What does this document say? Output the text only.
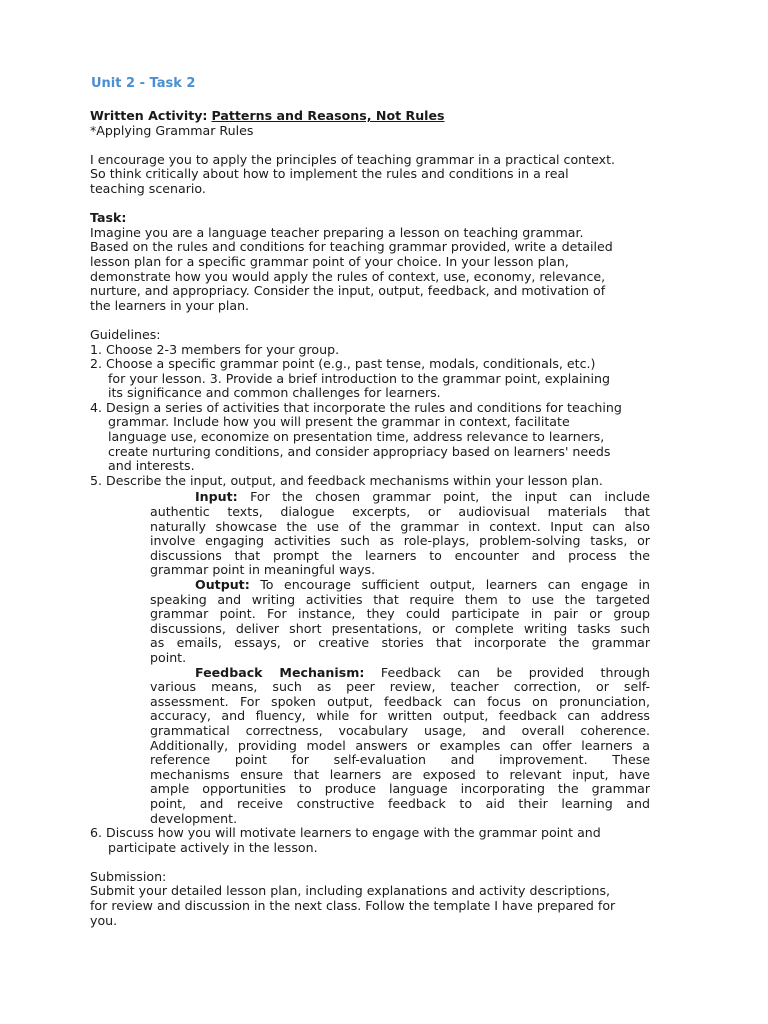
Unit 2 - Task 2
Written Activity: Patterns and Reasons, Not Rules
*Applying Grammar Rules
I encourage you to apply the principles of teaching grammar in a practical context.
So think critically about how to implement the rules and conditions in a real
teaching scenario.
Task:
Imagine you are a language teacher preparing a lesson on teaching grammar.
Based on the rules and conditions for teaching grammar provided, write a detailed
lesson plan for a specific grammar point of your choice. In your lesson plan,
demonstrate how you would apply the rules of context, use, economy, relevance,
nurture, and appropriacy. Consider the input, output, feedback, and motivation of
the learners in your plan.
Guidelines:
1. Choose 2-3 members for your group.
2. Choose a specific grammar point (e.g., past tense, modals, conditionals, etc.)
for your lesson. 3. Provide a brief introduction to the grammar point, explaining
its significance and common challenges for learners.
4. Design a series of activities that incorporate the rules and conditions for teaching
grammar. Include how you will present the grammar in context, facilitate
language use, economize on presentation time, address relevance to learners,
create nurturing conditions, and consider appropriacy based on learners' needs
and interests.
5. Describe the input, output, and feedback mechanisms within your lesson plan.
Input: For the chosen grammar point, the input can include
authentic texts, dialogue excerpts, or audiovisual materials that
naturally showcase the use of the grammar in context. Input can also
involve engaging activities such as role-plays, problem-solving tasks, or
discussions that prompt the learners to encounter and process the
grammar point in meaningful ways.
Output: To encourage sufficient output, learners can engage in
speaking and writing activities that require them to use the targeted
grammar point. For instance, they could participate in pair or group
discussions, deliver short presentations, or complete writing tasks such
as emails, essays, or creative stories that incorporate the grammar
point.
Feedback Mechanism: Feedback can be provided through
various means, such as peer review, teacher correction, or self-
assessment. For spoken output, feedback can focus on pronunciation,
accuracy, and fluency, while for written output, feedback can address
grammatical correctness, vocabulary usage, and overall coherence.
Additionally, providing model answers or examples can offer learners a
reference point for self-evaluation and improvement. These
mechanisms ensure that learners are exposed to relevant input, have
ample opportunities to produce language incorporating the grammar
point, and receive constructive feedback to aid their learning and
development.
6. Discuss how you will motivate learners to engage with the grammar point and
participate actively in the lesson.
Submission:
Submit your detailed lesson plan, including explanations and activity descriptions,
for review and discussion in the next class. Follow the template I have prepared for
you.
